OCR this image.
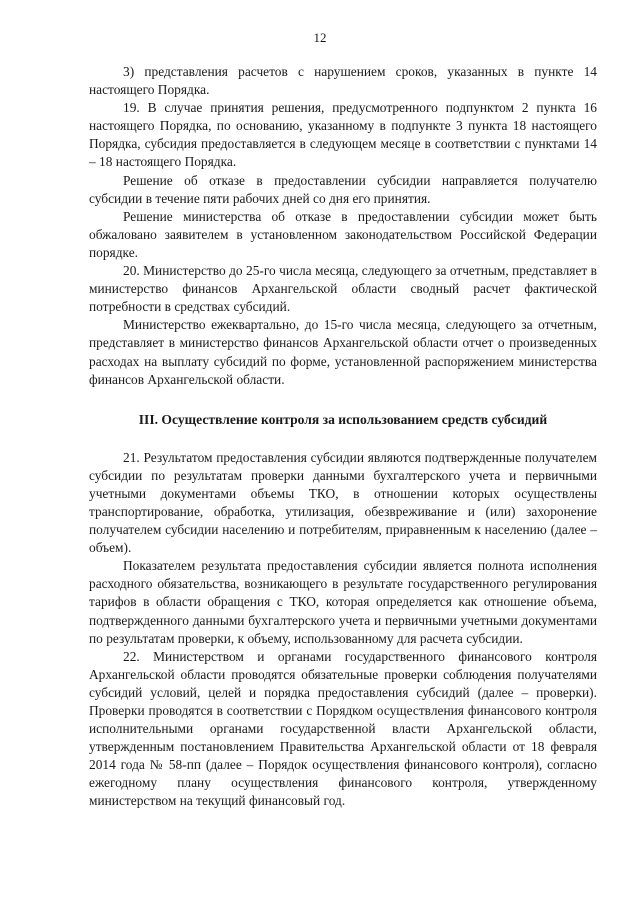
12

3) представления расчетов с нарушением сроков, указанных в пункте 14 настоящего Порядка.

19. В случае принятия решения, предусмотренного подпунктом 2 пункта 16 настоящего Порядка, по основанию, указанному в подпункте 3 пункта 18 настоящего Порядка, субсидия предоставляется в следующем месяце в соответствии с пунктами 14 – 18 настоящего Порядка.

Решение об отказе в предоставлении субсидии направляется получателю субсидии в течение пяти рабочих дней со дня его принятия.

Решение министерства об отказе в предоставлении субсидии может быть обжаловано заявителем в установленном законодательством Российской Федерации порядке.

20. Министерство до 25-го числа месяца, следующего за отчетным, представляет в министерство финансов Архангельской области сводный расчет фактической потребности в средствах субсидий.

Министерство ежеквартально, до 15-го числа месяца, следующего за отчетным, представляет в министерство финансов Архангельской области отчет о произведенных расходах на выплату субсидий по форме, установленной распоряжением министерства финансов Архангельской области.

III. Осуществление контроля за использованием средств субсидий

21. Результатом предоставления субсидии являются подтвержденные получателем субсидии по результатам проверки данными бухгалтерского учета и первичными учетными документами объемы ТКО, в отношении которых осуществлены транспортирование, обработка, утилизация, обезвреживание и (или) захоронение получателем субсидии населению и потребителям, приравненным к населению (далее – объем).

Показателем результата предоставления субсидии является полнота исполнения расходного обязательства, возникающего в результате государственного регулирования тарифов в области обращения с ТКО, которая определяется как отношение объема, подтвержденного данными бухгалтерского учета и первичными учетными документами по результатам проверки, к объему, использованному для расчета субсидии.

22. Министерством и органами государственного финансового контроля Архангельской области проводятся обязательные проверки соблюдения получателями субсидий условий, целей и порядка предоставления субсидий (далее – проверки). Проверки проводятся в соответствии с Порядком осуществления финансового контроля исполнительными органами государственной власти Архангельской области, утвержденным постановлением Правительства Архангельской области от 18 февраля 2014 года № 58-пп (далее – Порядок осуществления финансового контроля), согласно ежегодному плану осуществления финансового контроля, утвержденному министерством на текущий финансовый год.
